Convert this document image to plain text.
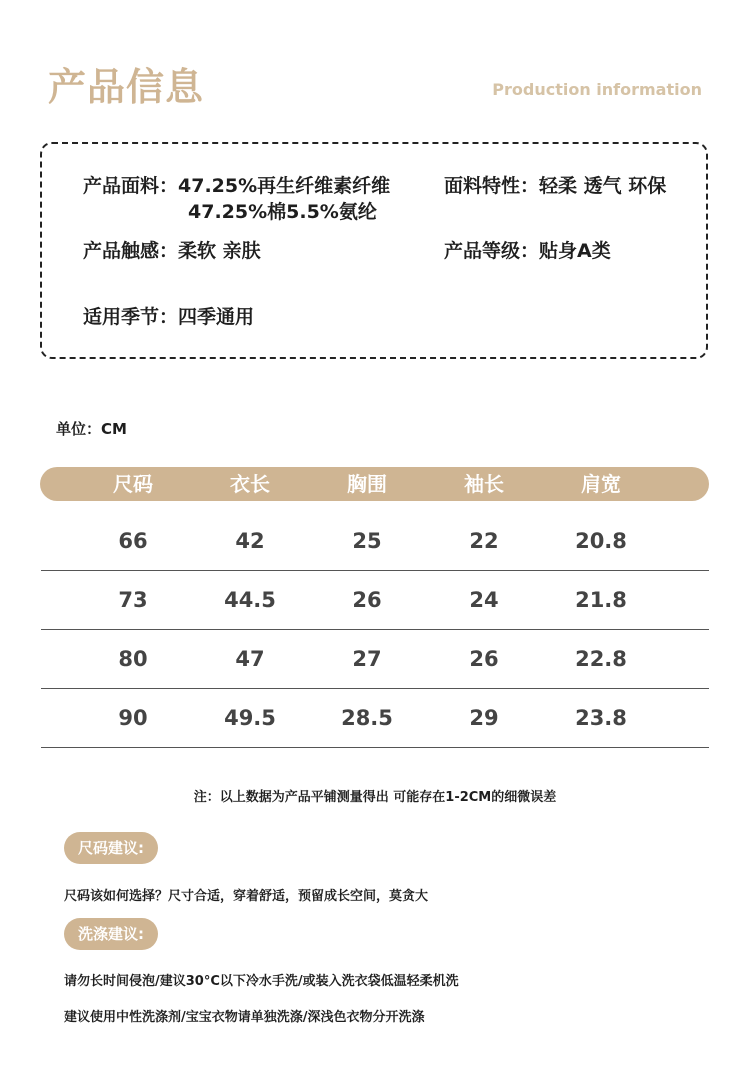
产品信息	Production information
产品面料：47.25%再生纤维素纤维
47.25%棉5.5%氨纶
面料特性：轻柔 透气 环保
产品触感：柔软 亲肤	产品等级：贴身A类
适用季节：四季通用
单位：CM
尺码	衣长	胸围	袖长	肩宽
66	42	25	22	20.8
73	44.5	26	24	21.8
80	47	27	26	22.8
90	49.5	28.5	29	23.8
注：以上数据为产品平铺测量得出 可能存在1-2CM的细微误差
尺码建议:
尺码该如何选择？尺寸合适，穿着舒适，预留成长空间，莫贪大
洗涤建议:
请勿长时间侵泡/建议30°C以下冷水手洗/或装入洗衣袋低温轻柔机洗
建议使用中性洗涤剂/宝宝衣物请单独洗涤/深浅色衣物分开洗涤
